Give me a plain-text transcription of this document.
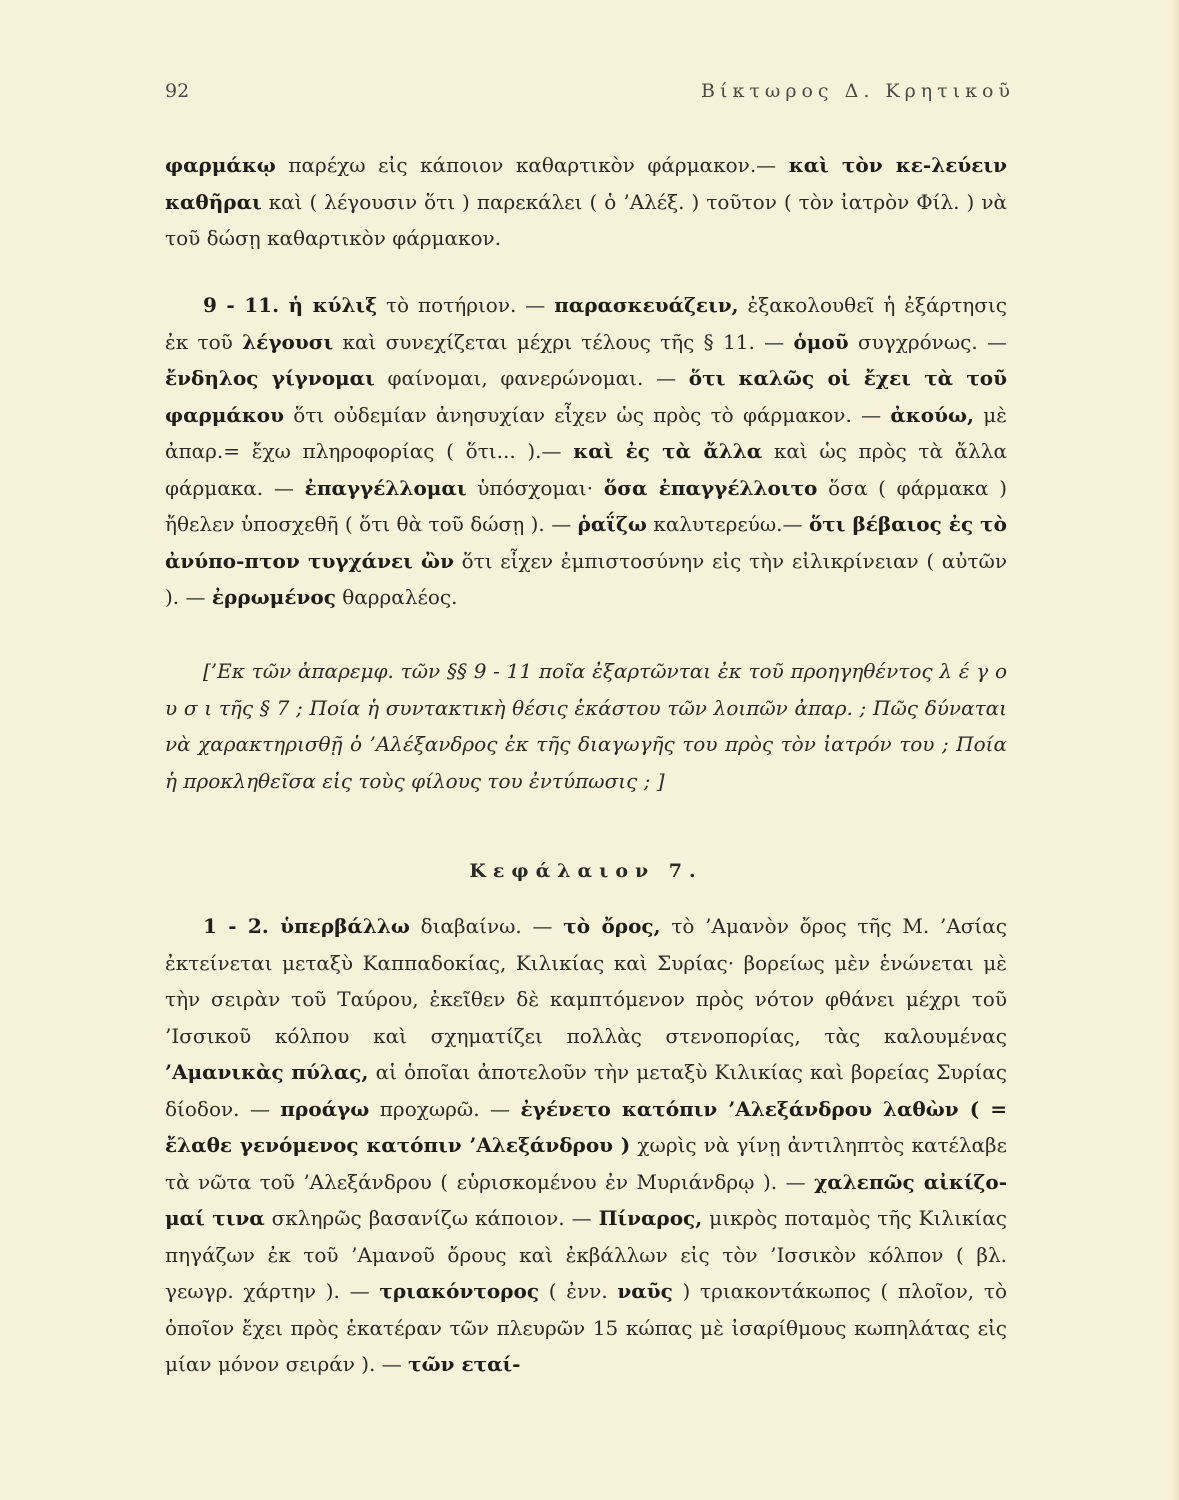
92	Βίκτωρος Δ. Κρητικοῦ

φαρμάκῳ παρέχω εἰς κάποιον καθαρτικὸν φάρμακον.— καὶ τὸν κε-λεύειν καθῆραι καὶ ( λέγουσιν ὅτι ) παρεκάλει ( ὁ ’Αλέξ. ) τοῦτον ( τὸν ἰατρὸν Φίλ. ) νὰ τοῦ δώσῃ καθαρτικὸν φάρμακον.

9 - 11. ἡ κύλιξ τὸ ποτήριον. — παρασκευάζειν, ἐξακολουθεῖ ἡ ἐξάρτησις ἐκ τοῦ λέγουσι καὶ συνεχίζεται μέχρι τέλους τῆς § 11. — ὁμοῦ συγχρόνως. — ἔνδηλος γίγνομαι φαίνομαι, φανερώνομαι. — ὅτι καλῶς οἱ ἔχει τὰ τοῦ φαρμάκου ὅτι οὐδεμίαν ἀνησυχίαν εἶχεν ὡς πρὸς τὸ φάρμακον. — ἀκούω, μὲ ἀπαρ.= ἔχω πληροφορίας ( ὅτι... ).— καὶ ἐς τὰ ἄλλα καὶ ὡς πρὸς τὰ ἄλλα φάρμακα. — ἐπαγγέλλομαι ὑπόσχομαι· ὅσα ἐπαγγέλλοιτο ὅσα ( φάρμακα ) ἤθελεν ὑποσχεθῆ ( ὅτι θὰ τοῦ δώσῃ ). — ῥαΐζω καλυτερεύω.— ὅτι βέβαιος ἐς τὸ ἀνύπο-πτον τυγχάνει ὢν ὅτι εἶχεν ἐμπιστοσύνην εἰς τὴν εἰλικρίνειαν ( αὐτῶν ). — ἐρρωμένος θαρραλέος.

[’Εκ τῶν ἀπαρεμφ. τῶν §§ 9 - 11 ποῖα ἐξαρτῶνται ἐκ τοῦ προηγηθέντος λ έ γ ο υ σ ι τῆς § 7 ; Ποία ἡ συντακτικὴ θέσις ἑκάστου τῶν λοιπῶν ἀπαρ. ; Πῶς δύναται νὰ χαρακτηρισθῇ ὁ ’Αλέξανδρος ἐκ τῆς διαγωγῆς του πρὸς τὸν ἰατρόν του ; Ποία ἡ προκληθεῖσα εἰς τοὺς φίλους του ἐντύπωσις ; ]

Κεφάλαιον 7.

1 - 2. ὑπερβάλλω διαβαίνω. — τὸ ὄρος, τὸ ’Αμανὸν ὄρος τῆς Μ. ’Ασίας ἐκτείνεται μεταξὺ Καππαδοκίας, Κιλικίας καὶ Συρίας· βορείως μὲν ἑνώνεται μὲ τὴν σειρὰν τοῦ Ταύρου, ἐκεῖθεν δὲ καμπτόμενον πρὸς νότον φθάνει μέχρι τοῦ ’Ισσικοῦ κόλπου καὶ σχηματίζει πολλὰς στενοπορίας, τὰς καλουμένας ’Αμανικὰς πύλας, αἱ ὁποῖαι ἀποτελοῦν τὴν μεταξὺ Κιλικίας καὶ βορείας Συρίας δίοδον. — προάγω προχωρῶ. — ἐγένετο κατόπιν ’Αλεξάνδρου λαθὼν ( = ἔλαθε γενόμενος κατόπιν ’Αλεξάνδρου ) χωρὶς νὰ γίνῃ ἀντιληπτὸς κατέλαβε τὰ νῶτα τοῦ ’Αλεξάνδρου ( εὑρισκομένου ἐν Μυριάνδρῳ ). — χαλεπῶς αἰκίζο-μαί τινα σκληρῶς βασανίζω κάποιον. — Πίναρος, μικρὸς ποταμὸς τῆς Κιλικίας πηγάζων ἐκ τοῦ ’Αμανοῦ ὄρους καὶ ἐκβάλλων εἰς τὸν ’Ισσικὸν κόλπον ( βλ. γεωγρ. χάρτην ). — τριακόντορος ( ἐνν. ναῦς ) τριακοντάκωπος ( πλοῖον, τὸ ὁποῖον ἔχει πρὸς ἑκατέραν τῶν πλευρῶν 15 κώπας μὲ ἰσαρίθμους κωπηλάτας εἰς μίαν μόνον σειράν ). — τῶν εταί-
